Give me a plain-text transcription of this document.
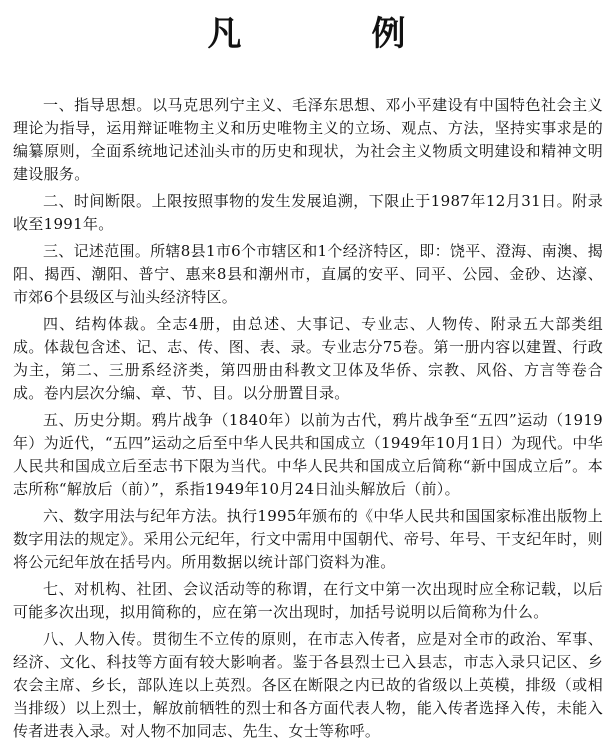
凡　例

一、指导思想。以马克思列宁主义、毛泽东思想、邓小平建设有中国特色社会主义理论为指导，运用辩证唯物主义和历史唯物主义的立场、观点、方法，坚持实事求是的编纂原则，全面系统地记述汕头市的历史和现状，为社会主义物质文明建设和精神文明建设服务。

二、时间断限。上限按照事物的发生发展追溯，下限止于1987年12月31日。附录收至1991年。

三、记述范围。所辖8县1市6个市辖区和1个经济特区，即：饶平、澄海、南澳、揭阳、揭西、潮阳、普宁、惠来8县和潮州市，直属的安平、同平、公园、金砂、达濠、市郊6个县级区与汕头经济特区。

四、结构体裁。全志4册，由总述、大事记、专业志、人物传、附录五大部类组成。体裁包含述、记、志、传、图、表、录。专业志分75卷。第一册内容以建置、行政为主，第二、三册系经济类，第四册由科教文卫体及华侨、宗教、风俗、方言等卷合成。卷内层次分编、章、节、目。以分册置目录。

五、历史分期。鸦片战争（1840年）以前为古代，鸦片战争至“五四”运动（1919年）为近代，“五四”运动之后至中华人民共和国成立（1949年10月1日）为现代。中华人民共和国成立后至志书下限为当代。中华人民共和国成立后简称“新中国成立后”。本志所称“解放后（前）”，系指1949年10月24日汕头解放后（前）。

六、数字用法与纪年方法。执行1995年颁布的《中华人民共和国国家标准出版物上数字用法的规定》。采用公元纪年，行文中需用中国朝代、帝号、年号、干支纪年时，则将公元纪年放在括号内。所用数据以统计部门资料为准。

七、对机构、社团、会议活动等的称谓，在行文中第一次出现时应全称记载，以后可能多次出现，拟用简称的，应在第一次出现时，加括号说明以后简称为什么。

八、人物入传。贯彻生不立传的原则，在市志入传者，应是对全市的政治、军事、经济、文化、科技等方面有较大影响者。鉴于各县烈士已入县志，市志入录只记区、乡农会主席、乡长，部队连以上英烈。各区在断限之内已故的省级以上英模，排级（或相当排级）以上烈士，解放前牺牲的烈士和各方面代表人物，能入传者选择入传，未能入传者进表入录。对人物不加同志、先生、女士等称呼。
